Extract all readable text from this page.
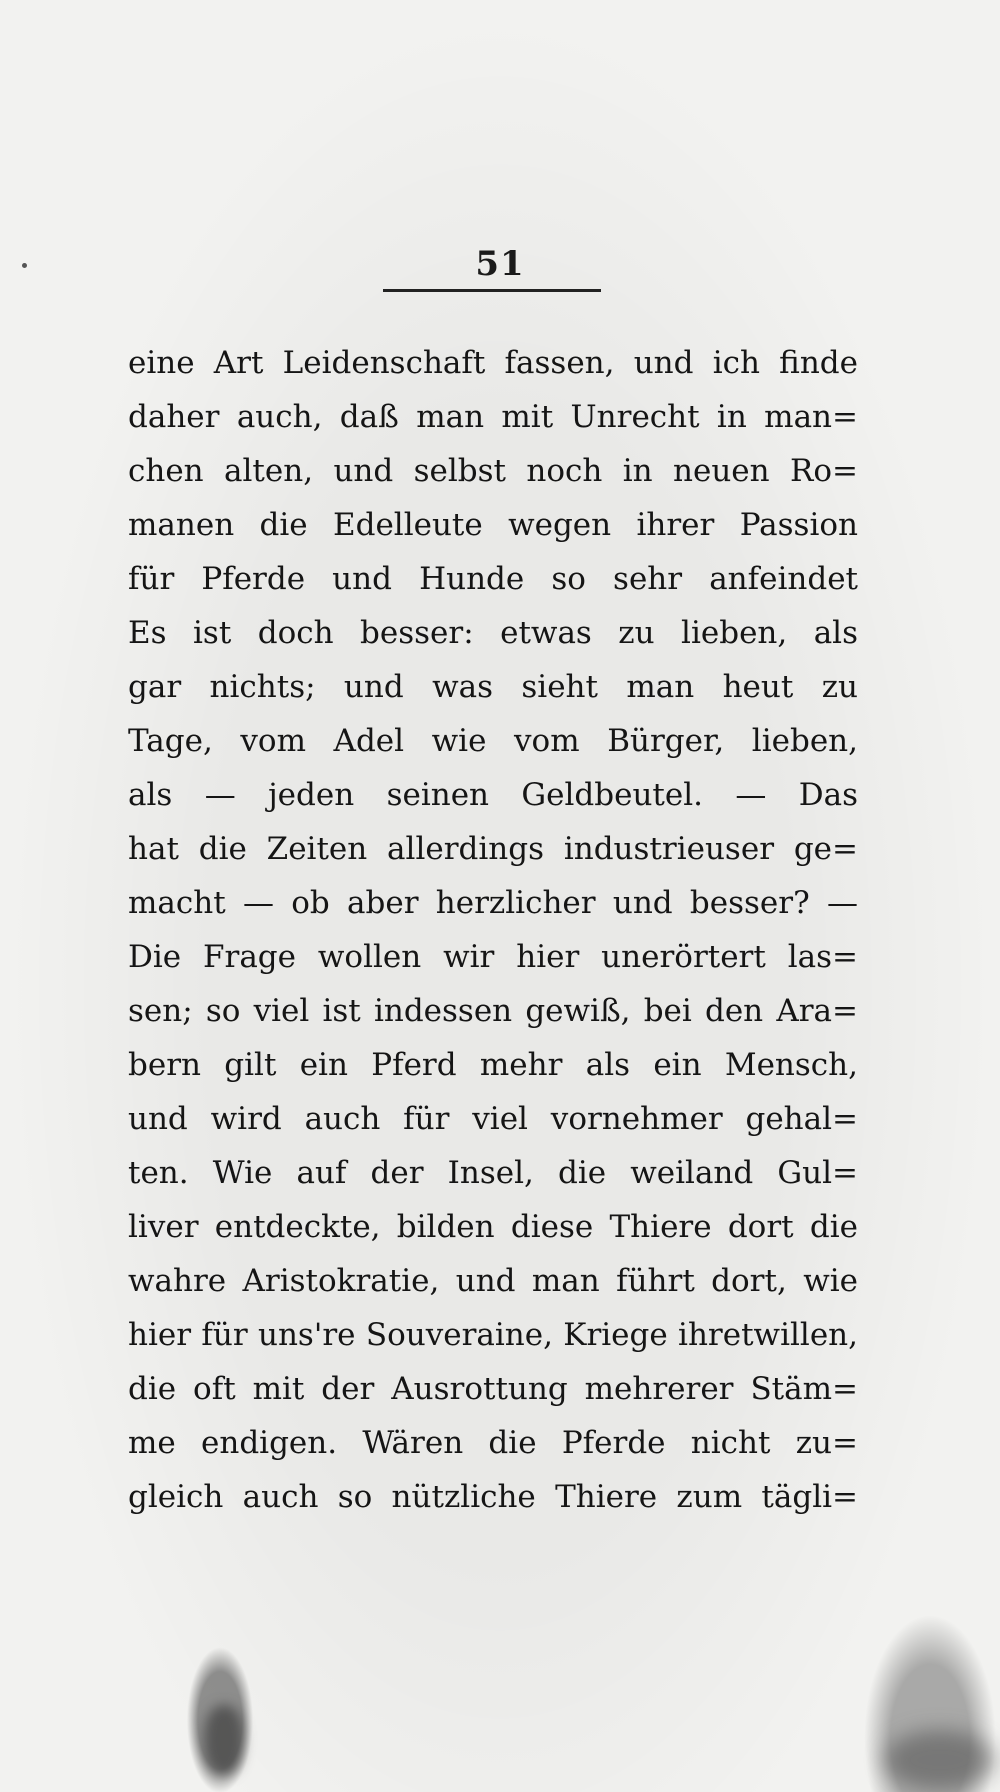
51
eine Art Leidenschaft fassen, und ich finde
daher auch, daß man mit Unrecht in man=
chen alten, und selbst noch in neuen Ro=
manen die Edelleute wegen ihrer Passion
für Pferde und Hunde so sehr anfeindet
Es ist doch besser: etwas zu lieben, als
gar nichts; und was sieht man heut zu
Tage, vom Adel wie vom Bürger, lieben,
als — jeden seinen Geldbeutel. — Das
hat die Zeiten allerdings industrieuser ge=
macht — ob aber herzlicher und besser? —
Die Frage wollen wir hier unerörtert las=
sen; so viel ist indessen gewiß, bei den Ara=
bern gilt ein Pferd mehr als ein Mensch,
und wird auch für viel vornehmer gehal=
ten. Wie auf der Insel, die weiland Gul=
liver entdeckte, bilden diese Thiere dort die
wahre Aristokratie, und man führt dort, wie
hier für uns're Souveraine, Kriege ihretwillen,
die oft mit der Ausrottung mehrerer Stäm=
me endigen. Wären die Pferde nicht zu=
gleich auch so nützliche Thiere zum tägli=
